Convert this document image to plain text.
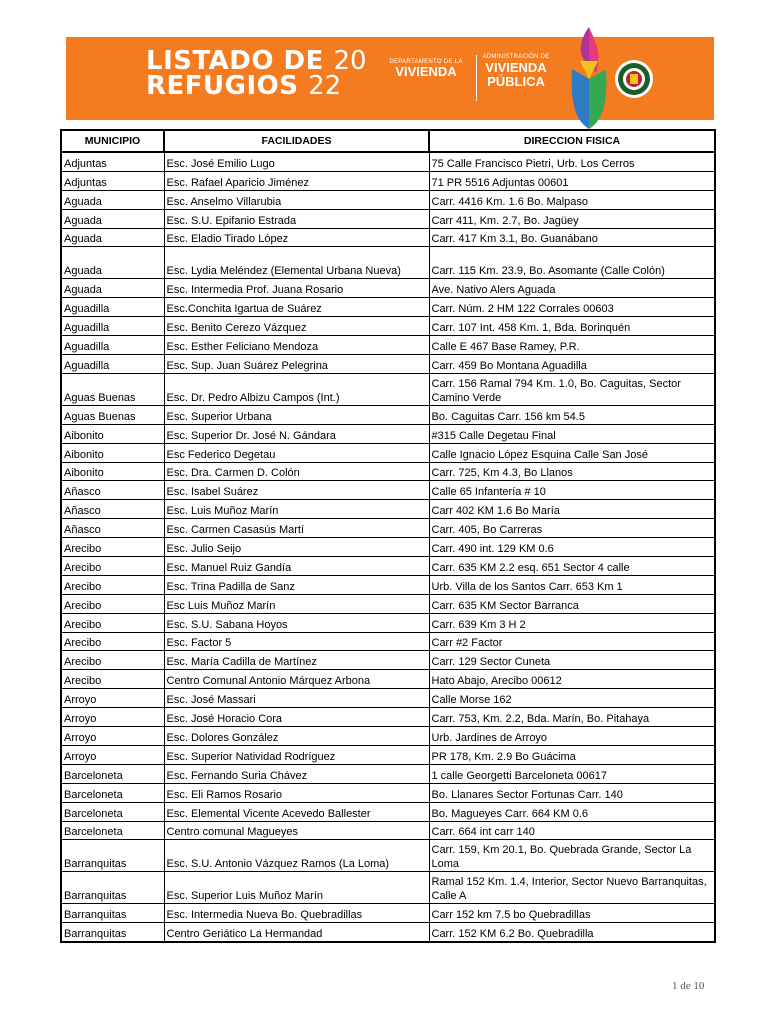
LISTADO DE 20
REFUGIOS 22
DEPARTAMENTO DE LA
VIVIENDA
ADMINISTRACIÓN DE
VIVIENDA
PÚBLICA
MUNICIPIO	FACILIDADES	DIRECCION FISICA
Adjuntas	Esc. José Emilio Lugo	75 Calle Francisco Pietri, Urb. Los Cerros
Adjuntas	Esc. Rafael Aparicio Jiménez	71 PR 5516 Adjuntas 00601
Aguada	Esc. Anselmo Villarubia	Carr. 4416 Km. 1.6 Bo. Malpaso
Aguada	Esc. S.U. Epifanio Estrada	Carr 411, Km. 2.7, Bo. Jagüey
Aguada	Esc. Eladio Tirado López	Carr. 417 Km 3.1, Bo. Guanábano
Aguada	Esc. Lydia Meléndez (Elemental Urbana Nueva)	Carr. 115 Km. 23.9, Bo. Asomante (Calle Colón)
Aguada	Esc. Intermedia Prof. Juana Rosario	Ave. Nativo Alers Aguada
Aguadilla	Esc.Conchita Igartua de Suárez	Carr. Núm. 2 HM 122 Corrales 00603
Aguadilla	Esc. Benito Cerezo Vázquez	Carr. 107 Int. 458 Km. 1, Bda. Borinquén
Aguadilla	Esc. Esther Feliciano Mendoza	Calle E 467 Base Ramey, P.R.
Aguadilla	Esc. Sup. Juan Suárez Pelegrina	Carr. 459 Bo Montana Aguadilla
Aguas Buenas	Esc. Dr. Pedro Albizu Campos (Int.)	Carr. 156 Ramal 794 Km. 1.0, Bo. Caguitas, Sector Camino Verde
Aguas Buenas	Esc. Superior Urbana	Bo. Caguitas Carr. 156 km 54.5
Aibonito	Esc. Superior Dr. José N. Gándara	#315 Calle Degetau Final
Aibonito	Esc Federico Degetau	Calle Ignacio López Esquina Calle San José
Aibonito	Esc. Dra. Carmen D. Colón	Carr. 725, Km 4.3, Bo Llanos
Añasco	Esc. Isabel Suárez	Calle 65 Infantería # 10
Añasco	Esc. Luis Muñoz Marín	Carr 402 KM 1.6 Bo María
Añasco	Esc. Carmen Casasús Martí	Carr. 405, Bo Carreras
Arecibo	Esc. Julio Seijo	Carr. 490 int. 129 KM 0.6
Arecibo	Esc. Manuel Ruiz Gandía	Carr. 635 KM 2.2 esq. 651 Sector 4 calle
Arecibo	Esc. Trina Padilla de Sanz	Urb. Villa de los Santos Carr. 653 Km 1
Arecibo	Esc Luis Muñoz Marín	Carr. 635 KM Sector Barranca
Arecibo	Esc. S.U. Sabana Hoyos	Carr. 639 Km 3 H 2
Arecibo	Esc. Factor 5	Carr #2 Factor
Arecibo	Esc. María Cadilla de Martínez	Carr. 129 Sector Cuneta
Arecibo	Centro Comunal Antonio Márquez Arbona	Hato Abajo, Arecibo 00612
Arroyo	Esc. José Massari	Calle Morse 162
Arroyo	Esc. José Horacio Cora	Carr. 753, Km. 2.2, Bda. Marín, Bo. Pitahaya
Arroyo	Esc. Dolores González	Urb. Jardines de Arroyo
Arroyo	Esc. Superior Natividad Rodríguez	PR 178, Km. 2.9 Bo Guácima
Barceloneta	Esc. Fernando Suria Chávez	1 calle Georgetti Barceloneta 00617
Barceloneta	Esc. Eli Ramos Rosario	Bo. Llanares Sector Fortunas Carr. 140
Barceloneta	Esc. Elemental Vicente Acevedo Ballester	Bo. Magueyes Carr. 664 KM 0.6
Barceloneta	Centro comunal Magueyes	Carr. 664 int carr 140
Barranquitas	Esc. S.U. Antonio Vázquez Ramos (La Loma)	Carr. 159, Km 20.1, Bo. Quebrada Grande, Sector La Loma
Barranquitas	Esc. Superior Luis Muñoz Marín	Ramal 152 Km. 1.4, Interior, Sector Nuevo Barranquitas, Calle A
Barranquitas	Esc. Intermedia Nueva Bo. Quebradillas	Carr 152 km 7.5 bo Quebradillas
Barranquitas	Centro Geriático La Hermandad	Carr. 152 KM 6.2 Bo. Quebradilla
1 de 10
